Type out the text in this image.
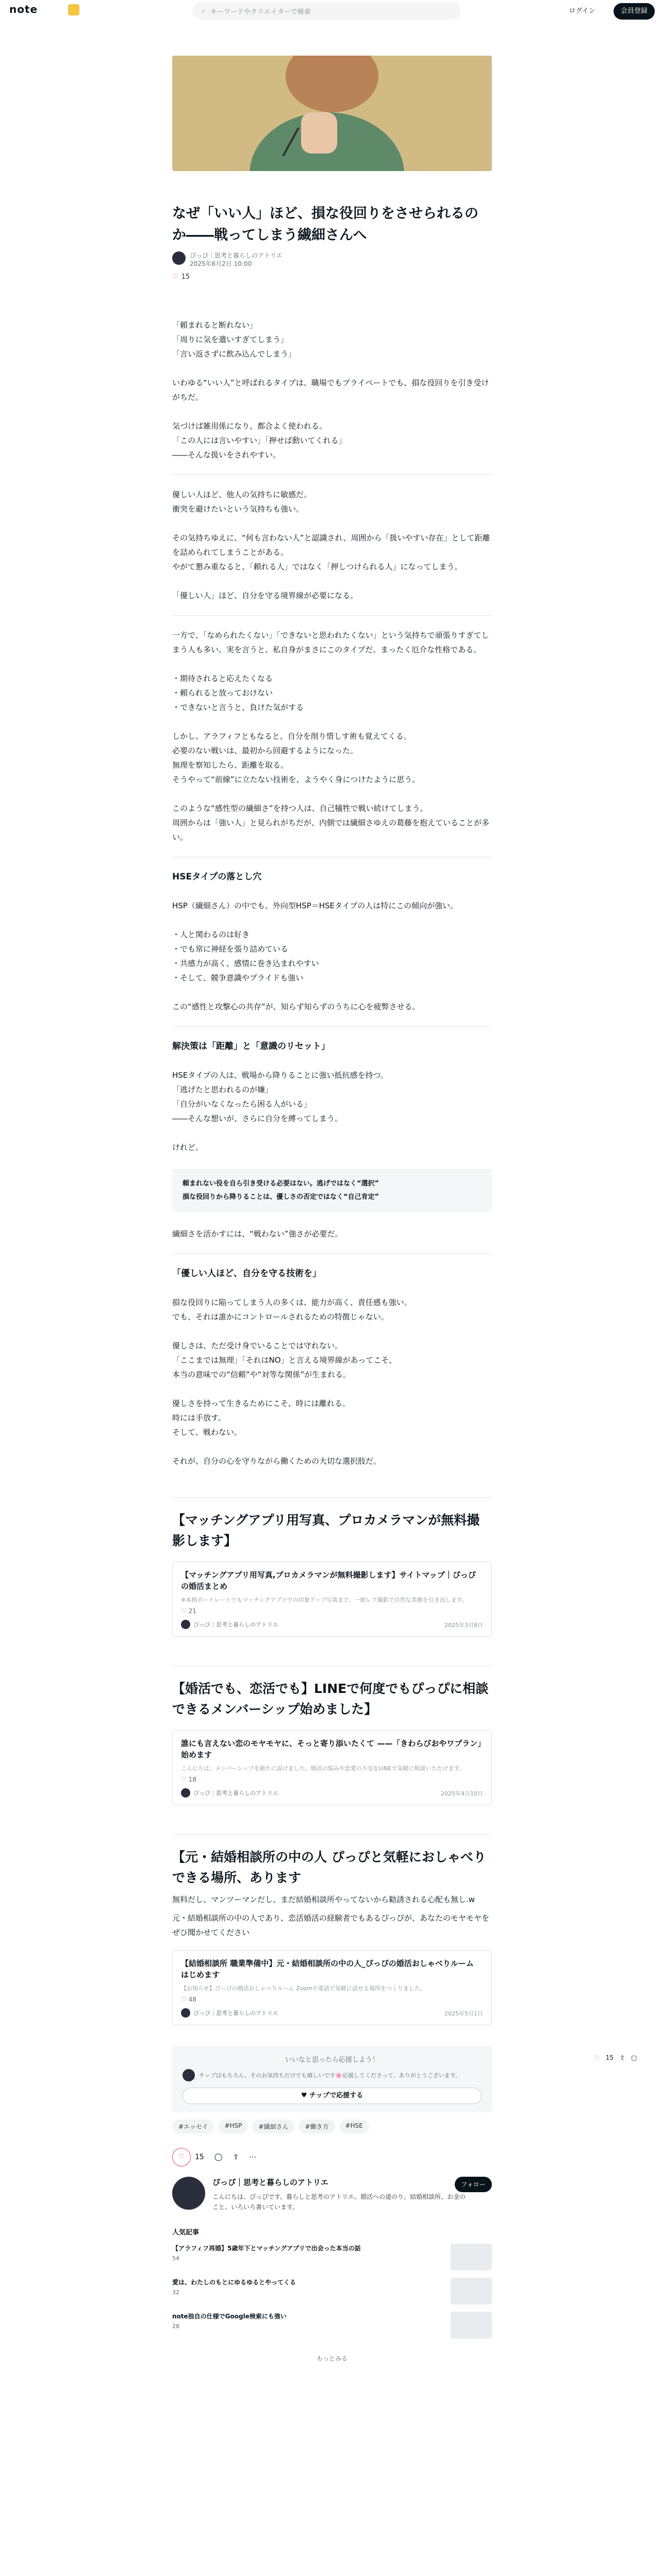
note	⌕ キーワードやクリエイターで検索	ログイン	会員登録
♡ 15 ⇪ ▢
なぜ「いい人」ほど、損な役回りをさせられるのか――戦ってしまう繊細さんへ
ぴっぴ｜思考と暮らしのアトリエ
2025年6月2日 10:00
♡ 15

「頼まれると断れない」

「周りに気を遣いすぎてしまう」

「言い返さずに飲み込んでしまう」

いわゆる“いい人”と呼ばれるタイプは、職場でもプライベートでも、損な役回りを引き受けがちだ。

気づけば雑用係になり、都合よく使われる。

「この人には言いやすい」「押せば動いてくれる」

――そんな扱いをされやすい。

優しい人ほど、他人の気持ちに敏感だ。

衝突を避けたいという気持ちも強い。

その気持ちゆえに、“何も言わない人”と認識され、周囲から「扱いやすい存在」として距離を詰められてしまうことがある。

やがて懇み重なると、「頼れる人」ではなく「押しつけられる人」になってしまう。

「優しい人」ほど、自分を守る境界線が必要になる。

一方で、「なめられたくない」「できないと思われたくない」という気持ちで頑張りすぎてしまう人も多い。実を言うと、私自身がまさにこのタイプだ。まったく厄介な性格である。

・期待されると応えたくなる

・頼られると放っておけない

・できないと言うと、負けた気がする

しかし、アラフィフともなると、自分を削り惜しす術も覚えてくる。

必要のない戦いは、最初から回避するようになった。

無理を察知したら、距離を取る。

そうやって“前線”に立たない技術を、ようやく身につけたように思う。

このような“感性型の繊細さ”を持つ人は、自己犠牲で戦い続けてしまう。

周囲からは「強い人」と見られがちだが、内側では繊細さゆえの葛藤を抱えていることが多い。

HSEタイプの落とし穴

HSP（繊細さん）の中でも、外向型HSP＝HSEタイプの人は特にこの傾向が強い。

・人と関わるのは好き

・でも常に神経を張り詰めている

・共感力が高く、感情に巻き込まれやすい

・そして、競争意識やプライドも強い

この“感性と攻撃心の共存”が、知らず知らずのうちに心を疲弊させる。

解決策は「距離」と「意識のリセット」

HSEタイプの人は、戦場から降りることに強い抵抗感を持つ。

「逃げたと思われるのが嫌」

「自分がいなくなったら困る人がいる」

――そんな想いが、さらに自分を縛ってしまう。

けれど。

頼まれない役を自ら引き受ける必要はない。逃げではなく“選択”
損な役回りから降りることは、優しさの否定ではなく“自己肯定”

繊細さを活かすには、“戦わない”強さが必要だ。

「優しい人ほど、自分を守る技術を」

損な役回りに陥ってしまう人の多くは、能力が高く、責任感も強い。

でも、それは誰かにコントロールされるための特徴じゃない。

優しさは、ただ受け身でいることでは守れない。

「ここまでは無理」「それはNO」と言える境界線があってこそ、

本当の意味での“信頼”や“対等な関係”が生まれる。

優しさを持って生きるためにこそ、時には離れる。

時には手放す。

そして、戦わない。

それが、自分の心を守りながら働くための大切な選択肢だ。

【マッチングアプリ用写真、プロカメラマンが無料撮影します】
【マッチングアプリ用写真,プロカメラマンが無料撮影します】サイトマップ｜ぴっぴの婚活まとめ
※本格ポートレートでもマッチングアプリでの印象アップ写真まで、一眼レフ撮影で自然な笑顔を引き出します。
♡ 21
ぴっぴ｜思考と暮らしのアトリエ	2025年3月8日
【婚活でも、恋活でも】LINEで何度でもぴっぴに相談できるメンバーシップ始めました】
誰にも言えない恋のモヤモヤに、そっと寄り添いたくて ——「きわらびおやワプラン」始めます
こんにちは。メンバーシップを新たに設けました。婚活の悩みや恋愛の不安をLINEで気軽に相談いただけます。
♡ 18
ぴっぴ｜思考と暮らしのアトリエ	2025年4月10日
【元・結婚相談所の中の人 ぴっぴと気軽におしゃべりできる場所、あります

無料だし、マンツーマンだし、まだ結婚相談所やってないから勧誘される心配も無し.w

元・結婚相談所の中の人であり、恋活婚活の経験者でもあるぴっぴが、あなたのモヤモヤをぜひ聞かせてください

【結婚相談所 職業準備中】元・結婚相談所の中の人_ぴっぴの婚活おしゃべりルーム はじめます
【お知らせ】ぴっぴの婚活おしゃべりルーム Zoomや電話で気軽に話せる場所をつくりました。
♡ 48
ぴっぴ｜思考と暮らしのアトリエ	2025年5月1日
いいなと思ったら応援しよう！
チップはもちろん、そのお気持ちだけでも嬉しいです🌸応援してくださって、ありがとうございます。
♥ チップで応援する
#エッセイ	#HSP	#繊細さん	#働き方	#HSE
♡	15 ◯ ⇪ ⋯
ぴっぴ｜思考と暮らしのアトリエ
こんにちは、ぴっぴです。暮らしと思考のアトリエ。婚活への道のり、結婚相談所、お金のこと、いろいろ書いています。
フォロー
人気記事
【アラフィフ再婚】5歳年下とマッチングアプリで出会った本当の話
54
愛は、わたしのもとにゆるゆるとやってくる
32
note独自の仕様でGoogle検索にも強い
28
もっとみる
